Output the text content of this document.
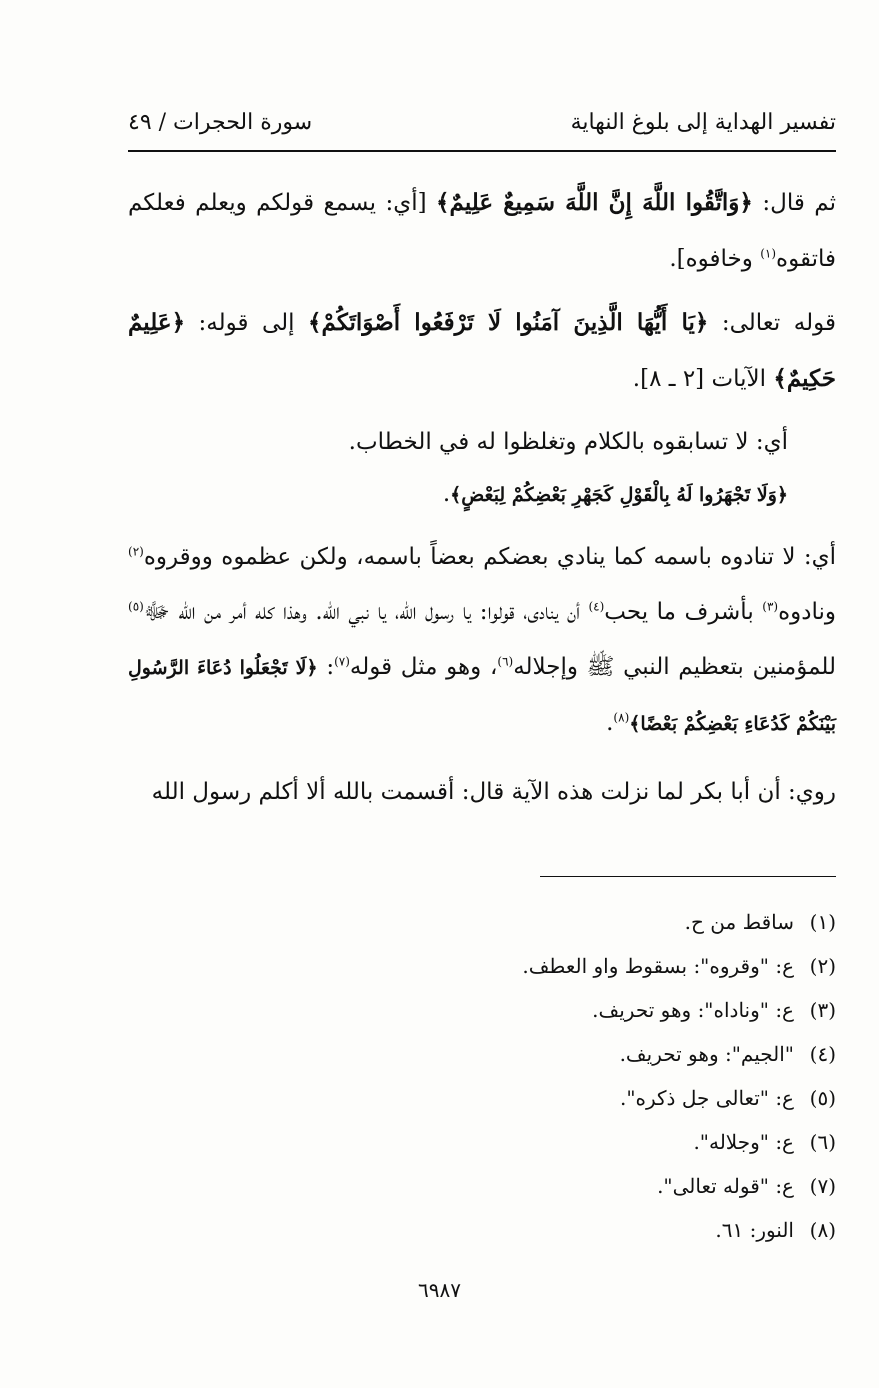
تفسير الهداية إلى بلوغ النهاية
سورة الحجرات / ٤٩

ثم قال: ﴿وَاتَّقُوا اللَّهَ إِنَّ اللَّهَ سَمِيعٌ عَلِيمٌ﴾ [أي: يسمع قولكم ويعلم فعلكم فاتقوه$^{(١)}$ وخافوه].

قوله تعالى: ﴿يَا أَيُّهَا الَّذِينَ آمَنُوا لَا تَرْفَعُوا أَصْوَاتَكُمْ﴾ إلى قوله: ﴿عَلِيمٌ حَكِيمٌ﴾ الآيات [٢ ـ ٨].

أي: لا تسابقوه بالكلام وتغلظوا له في الخطاب.

﴿وَلَا تَجْهَرُوا لَهُ بِالْقَوْلِ كَجَهْرِ بَعْضِكُمْ لِبَعْضٍ﴾.

أي: لا تنادوه باسمه كما ينادي بعضكم بعضاً باسمه، ولكن عظموه ووقروه$^{(٢)}$ ونادوه$^{(٣)}$ بأشرف ما يحب$^{(٤)}$ أن ينادى، قولوا: يا رسول الله، يا نبي الله. وهذا كله أمر من الله ﷻ$^{(٥)}$ للمؤمنين بتعظيم النبي ﷺ وإجلاله$^{(٦)}$، وهو مثل قوله$^{(٧)}$: ﴿لَا تَجْعَلُوا دُعَاءَ الرَّسُولِ بَيْنَكُمْ كَدُعَاءِ بَعْضِكُمْ بَعْضًا﴾$^{(٨)}$.

روي: أن أبا بكر لما نزلت هذه الآية قال: أقسمت بالله ألا أكلم رسول الله

(١)
ساقط من ح.
(٢)
ع: "وقروه": بسقوط واو العطف.
(٣)
ع: "وناداه": وهو تحريف.
(٤)
"الجيم": وهو تحريف.
(٥)
ع: "تعالى جل ذكره".
(٦)
ع: "وجلاله".
(٧)
ع: "قوله تعالى".
(٨)
النور: ٦١.
٦٩٨٧
